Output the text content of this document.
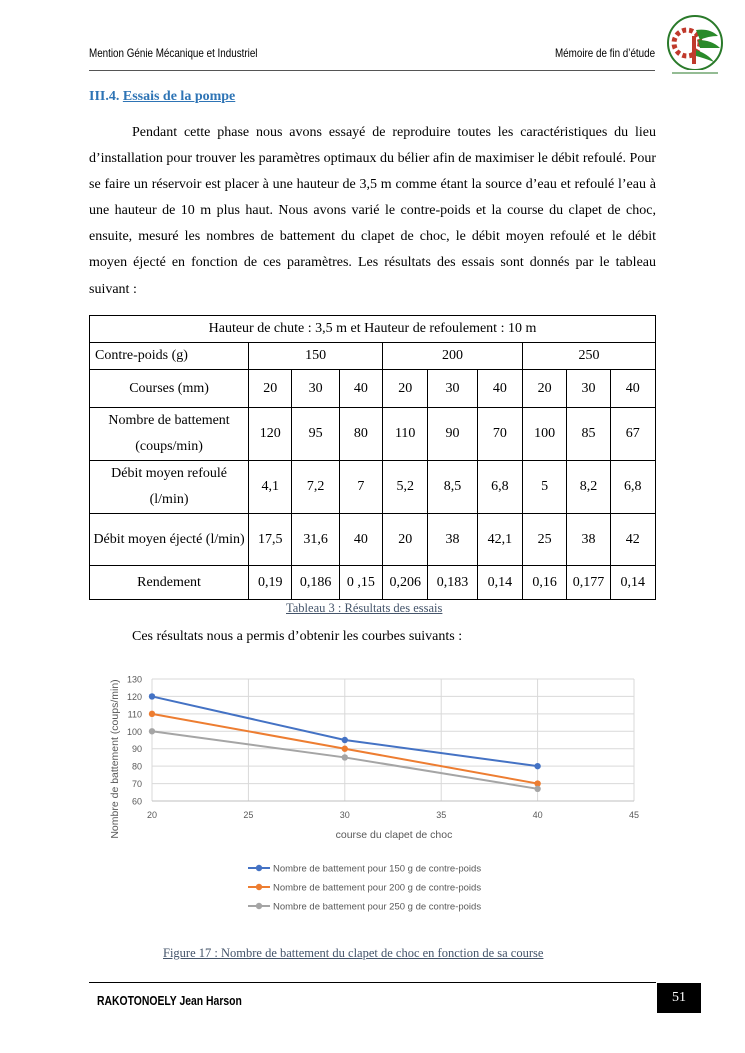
Mention Génie Mécanique et Industriel	Mémoire de fin d’étude
III.4. Essais de la pompe
Pendant cette phase nous avons essayé de reproduire toutes les caractéristiques du lieu d’installation pour trouver les paramètres optimaux du bélier afin de maximiser le débit refoulé. Pour se faire un réservoir est placer à une hauteur de 3,5 m comme étant la source d’eau et refoulé l’eau à une hauteur de 10 m plus haut. Nous avons varié le contre-poids et la course du clapet de choc, ensuite, mesuré les nombres de battement du clapet de choc, le débit moyen refoulé et le débit moyen éjecté en fonction de ces paramètres. Les résultats des essais sont donnés par le tableau suivant :
Hauteur de chute : 3,5 m et Hauteur de refoulement : 10 m									
Contre-poids (g)	150			200			250		
Courses (mm)	20	30	40	20	30	40	20	30	40
Nombre de battement (coups/min)	120	95	80	110	90	70	100	85	67
Débit moyen refoulé (l/min)	4,1	7,2	7	5,2	8,5	6,8	5	8,2	6,8
Débit moyen éjecté (l/min)	17,5	31,6	40	20	38	42,1	25	38	42
Rendement	0,19	0,186	0 ,15	0,206	0,183	0,14	0,16	0,177	0,14
Tableau 3 : Résultats des essais
Ces résultats nous a permis d’obtenir les courbes suivants :
60
70
80
90
100
110
120
130
20	25	30	35	40	45
course du clapet de choc
Nombre de battement (coups/min)
Nombre de battement pour 150 g de contre-poids
Nombre de battement pour 200 g de contre-poids
Nombre de battement pour 250 g de contre-poids
Figure 17 : Nombre de battement du clapet de choc en fonction de sa course
RAKOTONOELY Jean Harson	51
